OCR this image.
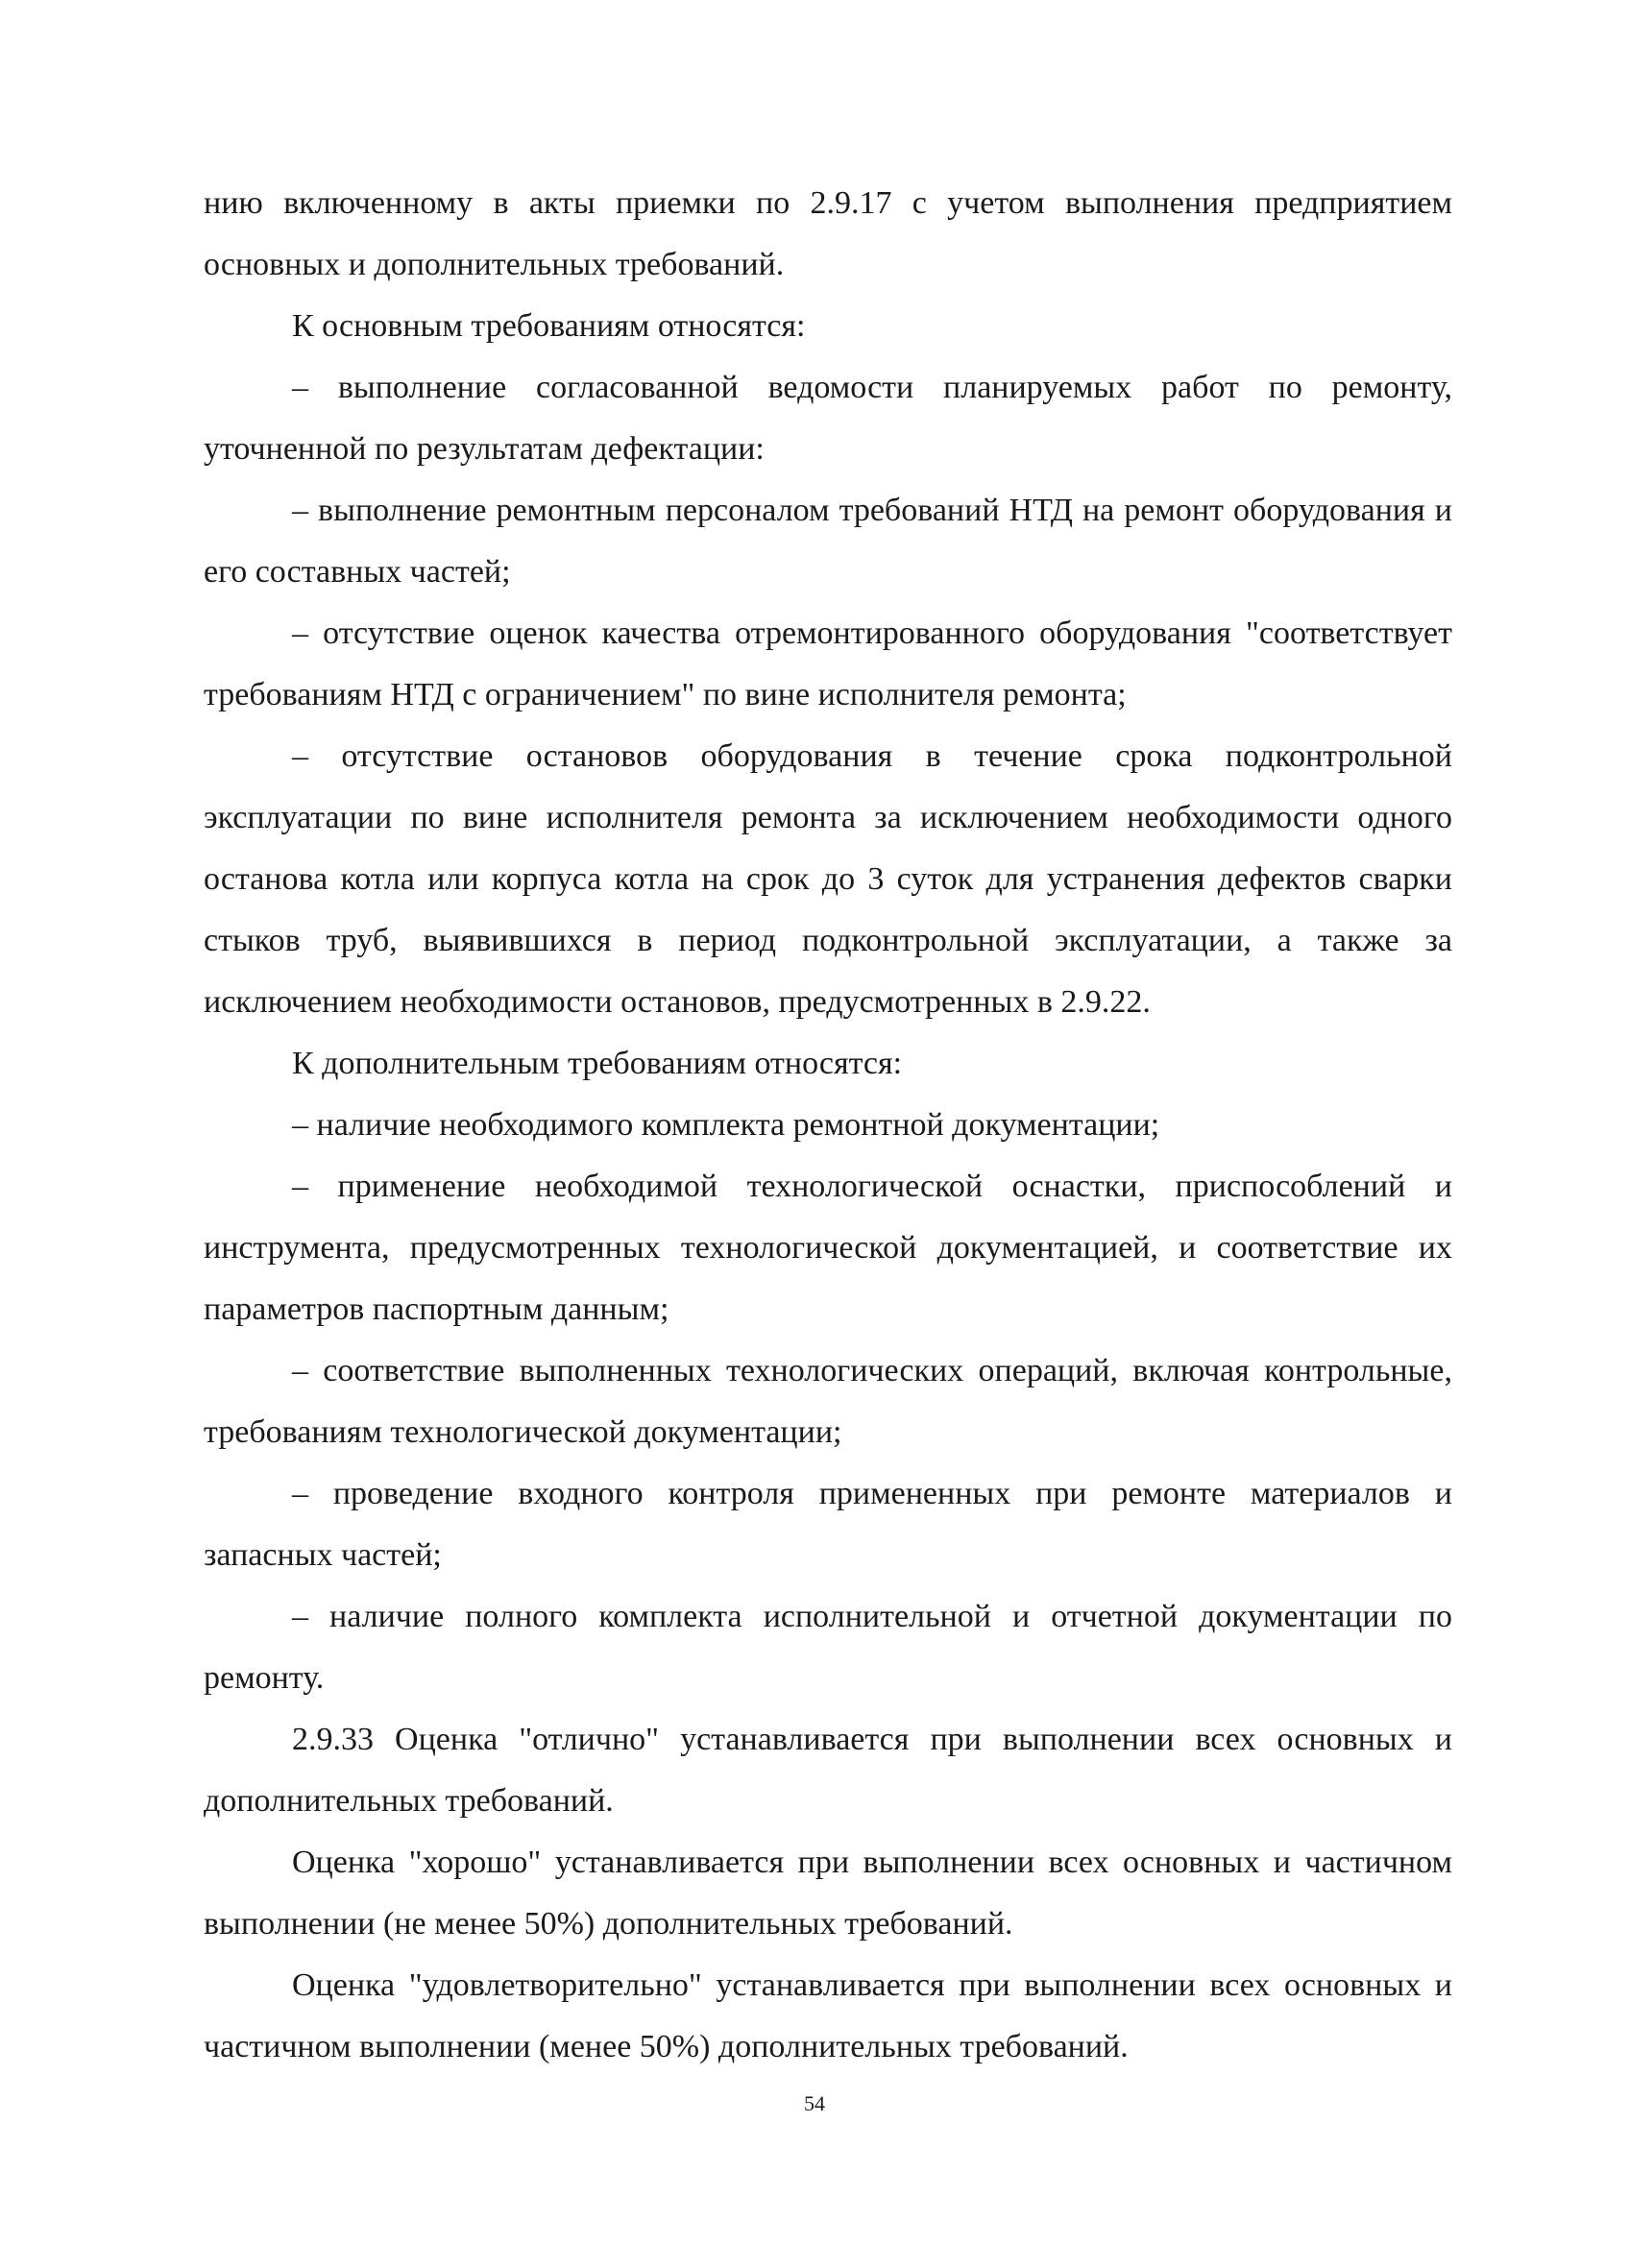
нию включенному в акты приемки по 2.9.17 с учетом выполнения предприятием основных и дополнительных требований.

К основным требованиям относятся:

– выполнение согласованной ведомости планируемых работ по ремонту, уточненной по результатам дефектации:

– выполнение ремонтным персоналом требований НТД на ремонт оборудования и его составных частей;

– отсутствие оценок качества отремонтированного оборудования "соответствует требованиям НТД с ограничением" по вине исполнителя ремонта;

– отсутствие остановов оборудования в течение срока подконтрольной эксплуатации по вине исполнителя ремонта за исключением необходимости одного останова котла или корпуса котла на срок до 3 суток для устранения дефектов сварки стыков труб, выявившихся в период подконтрольной эксплуатации, а также за исключением необходимости остановов, предусмотренных в 2.9.22.

К дополнительным требованиям относятся:

– наличие необходимого комплекта ремонтной документации;

– применение необходимой технологической оснастки, приспособлений и инструмента, предусмотренных технологической документацией, и соответствие их параметров паспортным данным;

– соответствие выполненных технологических операций, включая контрольные, требованиям технологической документации;

– проведение входного контроля примененных при ремонте материалов и запасных частей;

– наличие полного комплекта исполнительной и отчетной документации по ремонту.

2.9.33 Оценка "отлично" устанавливается при выполнении всех основных и дополнительных требований.

Оценка "хорошо" устанавливается при выполнении всех основных и частичном выполнении (не менее 50%) дополнительных требований.

Оценка "удовлетворительно" устанавливается при выполнении всех основных и частичном выполнении (менее 50%) дополнительных требований.

54
